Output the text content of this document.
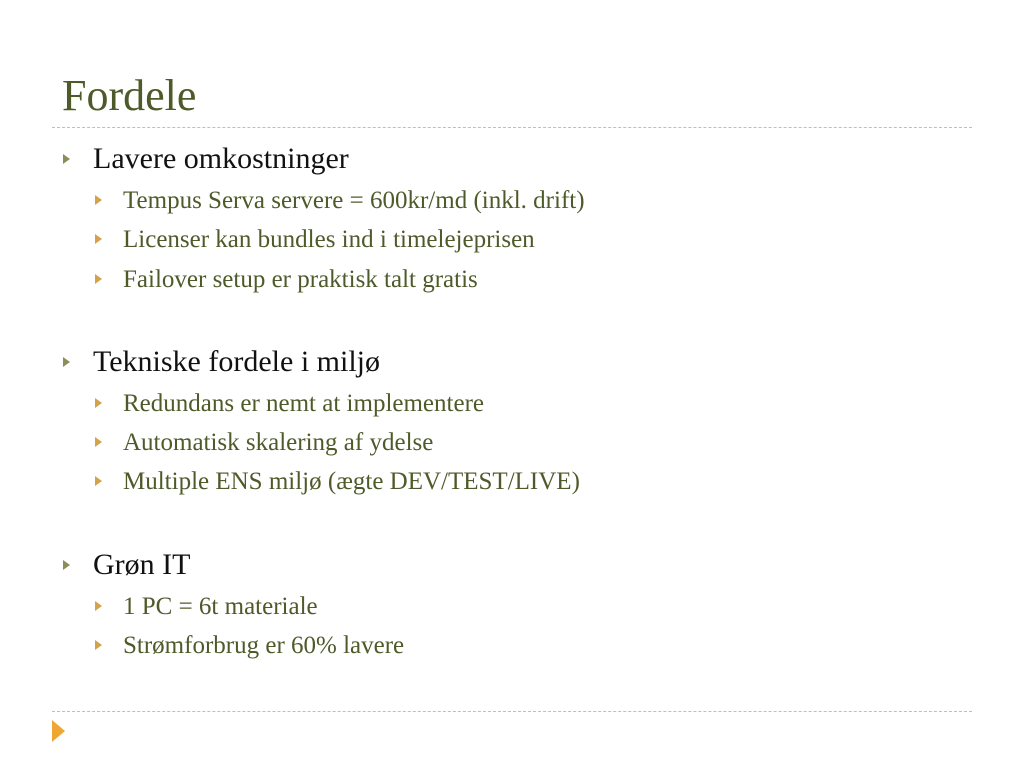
Fordele
Lavere omkostninger
Tempus Serva servere = 600kr/md (inkl. drift)
Licenser kan bundles ind i timelejeprisen
Failover setup er praktisk talt gratis
Tekniske fordele i miljø
Redundans er nemt at implementere
Automatisk skalering af ydelse
Multiple ENS miljø (ægte DEV/TEST/LIVE)
Grøn IT
1 PC = 6t materiale
Strømforbrug er 60% lavere
